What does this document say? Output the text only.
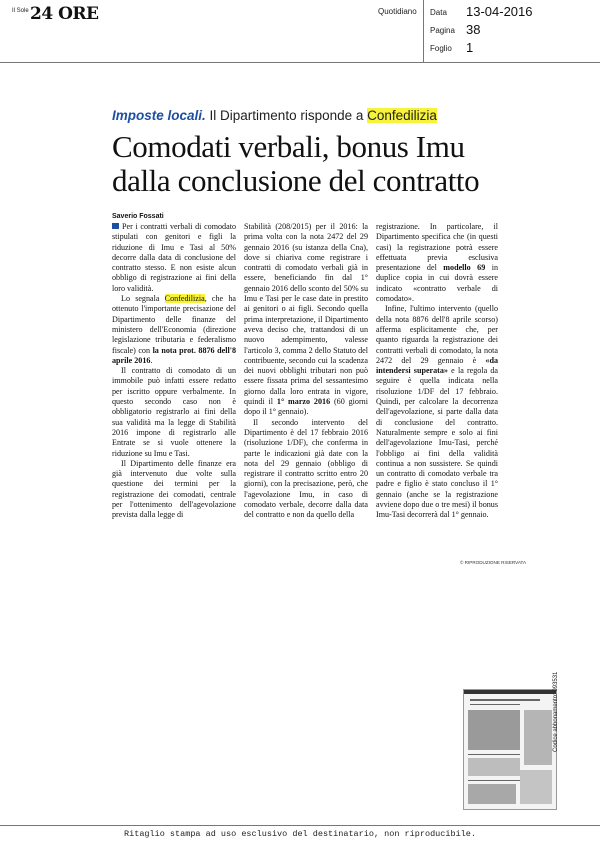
Il Sole 24 ORE	Quotidiano Data 13-04-2016
Pagina 38
Foglio 1
Imposte locali. Il Dipartimento risponde a Confedilizia
Comodati verbali, bonus Imu
dalla conclusione del contratto
Saverio Fossati

Per i contratti verbali di comodato stipulati con genitori e figli la riduzione di Imu e Tasi al 50% decorre dalla data di conclusione del contratto stesso. E non esiste alcun obbligo di registrazione ai fini della loro validità.

Lo segnala Confedilizia, che ha ottenuto l'importante precisazione del Dipartimento delle finanze del ministero dell'Economia (direzione legislazione tributaria e federalismo fiscale) con la nota prot. 8876 dell'8 aprile 2016.

Il contratto di comodato di un immobile può infatti essere redatto per iscritto oppure verbalmente. In questo secondo caso non è obbligatorio registrarlo ai fini della sua validità ma la legge di Stabilità 2016 impone di registrarlo alle Entrate se si vuole ottenere la riduzione su Imu e Tasi.

Il Dipartimento delle finanze era già intervenuto due volte sulla questione dei termini per la registrazione dei comodati, centrale per l'ottenimento dell'agevolazione prevista dalla legge di

Stabilità (208/2015) per il 2016: la prima volta con la nota 2472 del 29 gennaio 2016 (su istanza della Cna), dove si chiariva come registrare i contratti di comodato verbali già in essere, beneficiando fin dal 1° gennaio 2016 dello sconto del 50% su Imu e Tasi per le case date in prestito ai genitori o ai figli. Secondo quella prima interpretazione, il Dipartimento aveva deciso che, trattandosi di un nuovo adempimento, valesse l'articolo 3, comma 2 dello Statuto del contribuente, secondo cui la scadenza dei nuovi obblighi tributari non può essere fissata prima del sessantesimo giorno dalla loro entrata in vigore, quindi il 1° marzo 2016 (60 giorni dopo il 1° gennaio).

Il secondo intervento del Dipartimento è del 17 febbraio 2016 (risoluzione 1/DF), che conferma in parte le indicazioni già date con la nota del 29 gennaio (obbligo di registrare il contratto scritto entro 20 giorni), con la precisazione, però, che l'agevolazione Imu, in caso di comodato verbale, decorre dalla data del contratto e non da quello della

registrazione. In particolare, il Dipartimento specifica che (in questi casi) la registrazione potrà essere effettuata previa esclusiva presentazione del modello 69 in duplice copia in cui dovrà essere indicato «contratto verbale di comodato».

Infine, l'ultimo intervento (quello della nota 8876 dell'8 aprile scorso) afferma esplicitamente che, per quanto riguarda la registrazione dei contratti verbali di comodato, la nota 2472 del 29 gennaio è «da intendersi superata» e la regola da seguire è quella indicata nella risoluzione 1/DF del 17 febbraio. Quindi, per calcolare la decorrenza dell'agevolazione, si parte dalla data di conclusione del contratto. Naturalmente sempre e solo ai fini dell'agevolazione Imu-Tasi, perché l'obbligo ai fini della validità continua a non sussistere. Se quindi un contratto di comodato verbale tra padre e figlio è stato concluso il 1° gennaio (anche se la registrazione avviene dopo due o tre mesi) il bonus Imu-Tasi decorrerà dal 1° gennaio.

© RIPRODUZIONE RISERVATA
Codice abbonamento: 093531
Ritaglio stampa ad uso esclusivo del destinatario, non riproducibile.
